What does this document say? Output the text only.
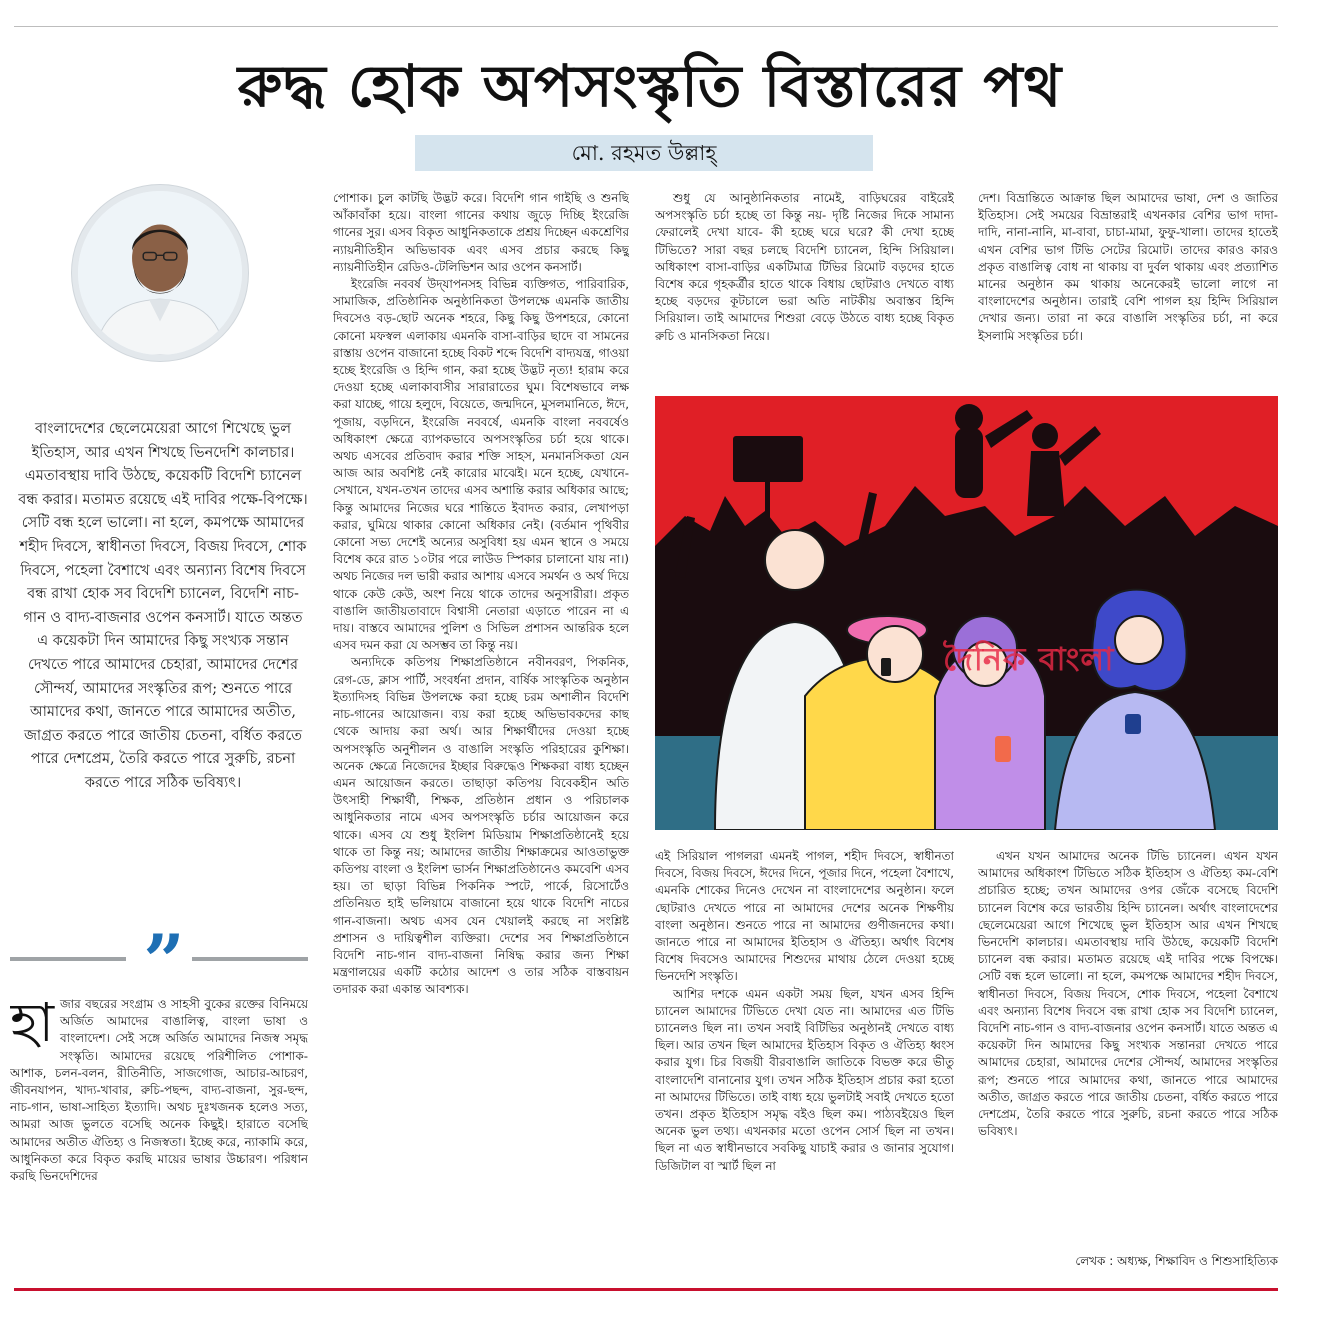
রুদ্ধ হোক অপসংস্কৃতি বিস্তারের পথ
মো. রহমত উল্লাহ্
বাংলাদেশের ছেলেমেয়েরা আগে শিখেছে ভুল ইতিহাস, আর এখন শিখছে ভিনদেশি কালচার। এমতাবস্থায় দাবি উঠছে, কয়েকটি বিদেশি চ্যানেল বন্ধ করার। মতামত রয়েছে এই দাবির পক্ষে-বিপক্ষে। সেটি বন্ধ হলে ভালো। না হলে, কমপক্ষে আমাদের শহীদ দিবসে, স্বাধীনতা দিবসে, বিজয় দিবসে, শোক দিবসে, পহেলা বৈশাখে এবং অন্যান্য বিশেষ দিবসে বন্ধ রাখা হোক সব বিদেশি চ্যানেল, বিদেশি নাচ-গান ও বাদ্য-বাজনার ওপেন কনসার্ট। যাতে অন্তত এ কয়েকটা দিন আমাদের কিছু সংখ্যক সন্তান দেখতে পারে আমাদের চেহারা, আমাদের দেশের সৌন্দর্য, আমাদের সংস্কৃতির রূপ; শুনতে পারে আমাদের কথা, জানতে পারে আমাদের অতীত, জাগ্রত করতে পারে জাতীয় চেতনা, বর্ধিত করতে পারে দেশপ্রেম, তৈরি করতে পারে সুরুচি, রচনা করতে পারে সঠিক ভবিষ্যৎ।
”

হাজার বছরের সংগ্রাম ও সাহসী বুকের রক্তের বিনিময়ে অর্জিত আমাদের বাঙালিত্ব, বাংলা ভাষা ও বাংলাদেশ। সেই সঙ্গে অর্জিত আমাদের নিজস্ব সমৃদ্ধ সংস্কৃতি। আমাদের রয়েছে পরিশীলিত পোশাক-আশাক, চলন-বলন, রীতিনীতি, সাজগোজ, আচার-আচরণ, জীবনযাপন, খাদ্য-খাবার, রুচি-পছন্দ, বাদ্য-বাজনা, সুর-ছন্দ, নাচ-গান, ভাষা-সাহিত্য ইত্যাদি। অথচ দুঃখজনক হলেও সত্য, আমরা আজ ভুলতে বসেছি অনেক কিছুই। হারাতে বসেছি আমাদের অতীত ঐতিহ্য ও নিজস্বতা। ইচ্ছে করে, ন্যাকামি করে, আধুনিকতা করে বিকৃত করছি মায়ের ভাষার উচ্চারণ। পরিধান করছি ভিনদেশিদের

পোশাক। চুল কাটছি উদ্ভট করে। বিদেশি গান গাইছি ও শুনছি আঁকাবাঁকা হয়ে। বাংলা গানের কথায় জুড়ে দিচ্ছি ইংরেজি গানের সুর। এসব বিকৃত আধুনিকতাকে প্রশ্রয় দিচ্ছেন একশ্রেণির ন্যায়নীতিহীন অভিভাবক এবং এসব প্রচার করছে কিছু ন্যায়নীতিহীন রেডিও-টেলিভিশন আর ওপেন কনসার্ট।

ইংরেজি নববর্ষ উদ্‌যাপনসহ বিভিন্ন ব্যক্তিগত, পারিবারিক, সামাজিক, প্রতিষ্ঠানিক অনুষ্ঠানিকতা উপলক্ষে এমনকি জাতীয় দিবসেও বড়-ছোট অনেক শহরে, কিছু কিছু উপশহরে, কোনো কোনো মফস্বল এলাকায় এমনকি বাসা-বাড়ির ছাদে বা সামনের রাস্তায় ওপেন বাজানো হচ্ছে বিকট শব্দে বিদেশি বাদ্যযন্ত্র, গাওয়া হচ্ছে ইংরেজি ও হিন্দি গান, করা হচ্ছে উদ্ভট নৃত্য! হারাম করে দেওয়া হচ্ছে এলাকাবাসীর সারারাতের ঘুম। বিশেষভাবে লক্ষ করা যাচ্ছে, গায়ে হলুদে, বিয়েতে, জন্মদিনে, মুসলমানিতে, ঈদে, পূজায়, বড়দিনে, ইংরেজি নববর্ষে, এমনকি বাংলা নববর্ষেও অধিকাংশ ক্ষেত্রে ব্যাপকভাবে অপসংস্কৃতির চর্চা হয়ে থাকে। অথচ এসবের প্রতিবাদ করার শক্তি সাহস, মনমানসিকতা যেন আজ আর অবশিষ্ট নেই কারোর মাঝেই। মনে হচ্ছে, যেখানে-সেখানে, যখন-তখন তাদের এসব অশান্তি করার অধিকার আছে; কিন্তু আমাদের নিজের ঘরে শান্তিতে ইবাদত করার, লেখাপড়া করার, ঘুমিয়ে থাকার কোনো অধিকার নেই। (বর্তমান পৃথিবীর কোনো সভ্য দেশেই অন্যের অসুবিধা হয় এমন স্থানে ও সময়ে বিশেষ করে রাত ১০টার পরে লাউড স্পিকার চালানো যায় না।) অথচ নিজের দল ভারী করার আশায় এসবে সমর্থন ও অর্থ দিয়ে থাকে কেউ কেউ, অংশ নিয়ে থাকে তাদের অনুসারীরা। প্রকৃত বাঙালি জাতীয়তাবাদে বিশ্বাসী নেতারা এড়াতে পারেন না এ দায়। বাস্তবে আমাদের পুলিশ ও সিভিল প্রশাসন আন্তরিক হলে এসব দমন করা যে অসম্ভব তা কিন্তু নয়।

অন্যদিকে কতিপয় শিক্ষাপ্রতিষ্ঠানে নবীনবরণ, পিকনিক, রেগ-ডে, ক্লাস পার্টি, সংবর্ধনা প্রদান, বার্ষিক সাংস্কৃতিক অনুষ্ঠান ইত্যাদিসহ বিভিন্ন উপলক্ষে করা হচ্ছে চরম অশালীন বিদেশি নাচ-গানের আয়োজন। ব্যয় করা হচ্ছে অভিভাবকদের কাছ থেকে আদায় করা অর্থ। আর শিক্ষার্থীদের দেওয়া হচ্ছে অপসংস্কৃতি অনুশীলন ও বাঙালি সংস্কৃতি পরিহারের কুশিক্ষা। অনেক ক্ষেত্রে নিজেদের ইচ্ছার বিরুদ্ধেও শিক্ষকরা বাধ্য হচ্ছেন এমন আয়োজন করতে। তাছাড়া কতিপয় বিবেকহীন অতি উৎসাহী শিক্ষার্থী, শিক্ষক, প্রতিষ্ঠান প্রধান ও পরিচালক আধুনিকতার নামে এসব অপসংস্কৃতি চর্চার আয়োজন করে থাকে। এসব যে শুধু ইংলিশ মিডিয়াম শিক্ষাপ্রতিষ্ঠানেই হয়ে থাকে তা কিন্তু নয়; আমাদের জাতীয় শিক্ষাক্রমের আওতাভুক্ত কতিপয় বাংলা ও ইংলিশ ভার্সন শিক্ষাপ্রতিষ্ঠানেও কমবেশি এসব হয়। তা ছাড়া বিভিন্ন পিকনিক স্পটে, পার্কে, রিসোর্টেও প্রতিনিয়ত হাই ভলিয়ামে বাজানো হয়ে থাকে বিদেশি নাচের গান-বাজনা। অথচ এসব যেন খেয়ালই করছে না সংশ্লিষ্ট প্রশাসন ও দায়িত্বশীল ব্যক্তিরা। দেশের সব শিক্ষাপ্রতিষ্ঠানে বিদেশি নাচ-গান বাদ্য-বাজনা নিষিদ্ধ করার জন্য শিক্ষা মন্ত্রণালয়ের একটি কঠোর আদেশ ও তার সঠিক বাস্তবায়ন তদারক করা একান্ত আবশ্যক।

শুধু যে আনুষ্ঠানিকতার নামেই, বাড়িঘরের বাইরেই অপসংস্কৃতি চর্চা হচ্ছে তা কিন্তু নয়- দৃষ্টি নিজের দিকে সামান্য ফেরালেই দেখা যাবে- কী হচ্ছে ঘরে ঘরে? কী দেখা হচ্ছে টিভিতে? সারা বছর চলছে বিদেশি চ্যানেল, হিন্দি সিরিয়াল। অধিকাংশ বাসা-বাড়ির একটিমাত্র টিভির রিমোট বড়দের হাতে বিশেষ করে গৃহকর্ত্রীর হাতে থাকে বিধায় ছোটরাও দেখতে বাধ্য হচ্ছে বড়দের কূটচালে ভরা অতি নাটকীয় অবাস্তব হিন্দি সিরিয়াল। তাই আমাদের শিশুরা বেড়ে উঠতে বাধ্য হচ্ছে বিকৃত রুচি ও মানসিকতা নিয়ে।

দেশ। বিভ্রান্তিতে আক্রান্ত ছিল আমাদের ভাষা, দেশ ও জাতির ইতিহাস। সেই সময়ের বিভ্রান্তরাই এখনকার বেশির ভাগ দাদা-দাদি, নানা-নানি, মা-বাবা, চাচা-মামা, ফুফু-খালা। তাদের হাতেই এখন বেশির ভাগ টিভি সেটের রিমোট। তাদের কারও কারও প্রকৃত বাঙালিত্ব বোধ না থাকায় বা দুর্বল থাকায় এবং প্রত্যাশিত মানের অনুষ্ঠান কম থাকায় অনেকেরই ভালো লাগে না বাংলাদেশের অনুষ্ঠান। তারাই বেশি পাগল হয় হিন্দি সিরিয়াল দেখার জন্য। তারা না করে বাঙালি সংস্কৃতির চর্চা, না করে ইসলামি সংস্কৃতির চর্চা।

দৈনিক বাংলা

এই সিরিয়াল পাগলরা এমনই পাগল, শহীদ দিবসে, স্বাধীনতা দিবসে, বিজয় দিবসে, ঈদের দিনে, পূজার দিনে, পহেলা বৈশাখে, এমনকি শোকের দিনেও দেখেন না বাংলাদেশের অনুষ্ঠান। ফলে ছোটরাও দেখতে পারে না আমাদের দেশের অনেক শিক্ষণীয় বাংলা অনুষ্ঠান। শুনতে পারে না আমাদের গুণীজনদের কথা। জানতে পারে না আমাদের ইতিহাস ও ঐতিহ্য। অর্থাৎ বিশেষ বিশেষ দিবসেও আমাদের শিশুদের মাথায় ঠেলে দেওয়া হচ্ছে ভিনদেশি সংস্কৃতি।

আশির দশকে এমন একটা সময় ছিল, যখন এসব হিন্দি চ্যানেল আমাদের টিভিতে দেখা যেত না। আমাদের এত টিভি চ্যানেলও ছিল না। তখন সবাই বিটিভির অনুষ্ঠানই দেখতে বাধ্য ছিল। আর তখন ছিল আমাদের ইতিহাস বিকৃত ও ঐতিহ্য ধ্বংস করার যুগ। চির বিজয়ী বীরবাঙালি জাতিকে বিভক্ত করে ভীতু বাংলাদেশি বানানোর যুগ। তখন সঠিক ইতিহাস প্রচার করা হতো না আমাদের টিভিতে। তাই বাধ্য হয়ে ভুলটাই সবাই দেখতে হতো তখন। প্রকৃত ইতিহাস সমৃদ্ধ বইও ছিল কম। পাঠ্যবইয়েও ছিল অনেক ভুল তথ্য। এখনকার মতো ওপেন সোর্স ছিল না তখন। ছিল না এত স্বাধীনভাবে সবকিছু যাচাই করার ও জানার সুযোগ। ডিজিটাল বা স্মার্ট ছিল না

এখন যখন আমাদের অনেক টিভি চ্যানেল। এখন যখন আমাদের অধিকাংশ টিভিতে সঠিক ইতিহাস ও ঐতিহ্য কম-বেশি প্রচারিত হচ্ছে; তখন আমাদের ওপর জেঁকে বসেছে বিদেশি চ্যানেল বিশেষ করে ভারতীয় হিন্দি চ্যানেল। অর্থাৎ বাংলাদেশের ছেলেমেয়েরা আগে শিখেছে ভুল ইতিহাস আর এখন শিখছে ভিনদেশি কালচার। এমতাবস্থায় দাবি উঠছে, কয়েকটি বিদেশি চ্যানেল বন্ধ করার। মতামত রয়েছে এই দাবির পক্ষে বিপক্ষে। সেটি বন্ধ হলে ভালো। না হলে, কমপক্ষে আমাদের শহীদ দিবসে, স্বাধীনতা দিবসে, বিজয় দিবসে, শোক দিবসে, পহেলা বৈশাখে এবং অন্যান্য বিশেষ দিবসে বন্ধ রাখা হোক সব বিদেশি চ্যানেল, বিদেশি নাচ-গান ও বাদ্য-বাজনার ওপেন কনসার্ট। যাতে অন্তত এ কয়েকটা দিন আমাদের কিছু সংখ্যক সন্তানরা দেখতে পারে আমাদের চেহারা, আমাদের দেশের সৌন্দর্য, আমাদের সংস্কৃতির রূপ; শুনতে পারে আমাদের কথা, জানতে পারে আমাদের অতীত, জাগ্রত করতে পারে জাতীয় চেতনা, বর্ধিত করতে পারে দেশপ্রেম, তৈরি করতে পারে সুরুচি, রচনা করতে পারে সঠিক ভবিষ্যৎ।

লেখক : অধ্যক্ষ, শিক্ষাবিদ ও শিশুসাহিত্যিক
